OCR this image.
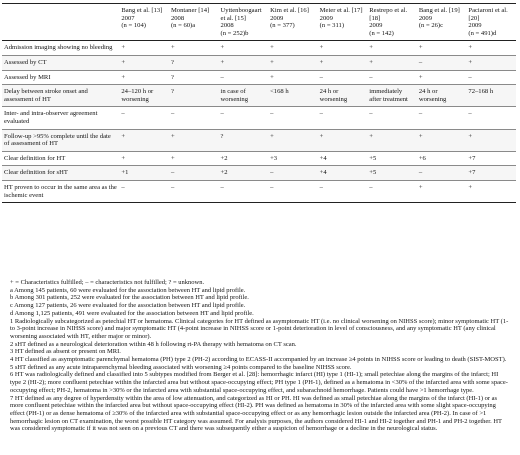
	Bang et al. [13]
2007
(n = 104)	Montaner [14]
2008
(n = 60)a	Uyttenboogaart et al. [15]
2008
(n = 252)b	Kim et al. [16]
2009
(n = 377)	Meier et al. [17]
2009
(n = 311)	Restrepo et al. [18]
2009
(n = 142)	Bang et al. [19]
2009
(n = 26)c	Paciaroni et al. [20]
2009
(n = 491)d

Admission imaging showing no bleeding	+	+	+	+	+	+	+	+
Assessed by CT	+	?	+	+	+	+	–	+
Assessed by MRI	+	?	–	+	–	–	+	–
Delay between stroke onset and assessment of HT	24–120 h or worsening	?	in case of worsening	<168 h	24 h or worsening	immediately after treatment	24 h or worsening	72–168 h
Inter- and intra-observer agreement evaluated	–	–	–	–	–	–	–	–
Follow-up >95% complete until the date of assessment of HT	+	+	?	+	+	+	+	+
Clear definition for HT	+	+	+2	+3	+4	+5	+6	+7
Clear definition for sHT	+1	–	+2	–	+4	+5	–	+7
HT proven to occur in the same area as the ischemic event	–	–	–	–	–	–	+	+

+ = Characteristics fulfilled; – = characteristics not fulfilled; ? = unknown.

a Among 145 patients, 60 were evaluated for the association between HT and lipid profile.

b Among 301 patients, 252 were evaluated for the association between HT and lipid profile.

c Among 127 patients, 26 were evaluated for the association between HT and lipid profile.

d Among 1,125 patients, 491 were evaluated for the association between HT and lipid profile.

1 Radiologically subcategorized as petechial HT or hematoma. Clinical categories for HT defined as asymptomatic HT (i.e. no clinical worsening on NIHSS score); minor symptomatic HT (1- to 3-point increase in NIHSS score) and major symptomatic HT (4-point increase in NIHSS score or 1-point deterioration in level of consciousness, and any symptomatic HT (any clinical worsening associated with HT, either major or minor).

2 sHT defined as a neurological deterioration within 48 h following rt-PA therapy with hematoma on CT scan.

3 HT defined as absent or present on MRI.

4 HT classified as asymptomatic parenchymal hematoma (PH) type 2 (PH-2) according to ECASS-II accompanied by an increase ≥4 points in NIHSS score or leading to death (SIST-MOST).

5 sHT defined as any acute intraparenchymal bleeding associated with worsening ≥4 points compared to the baseline NIHSS score.

6 HT was radiologically defined and classified into 5 subtypes modified from Berger et al. [28]: hemorrhagic infarct (HI) type 1 (HI-1); small petechiae along the margins of the infarct; HI type 2 (HI-2); more confluent petechiae within the infarcted area but without space-occupying effect; PH type 1 (PH-1), defined as a hematoma in <30% of the infarcted area with some space-occupying effect; PH-2, hematoma in >30% or the infarcted area with substantial space-occupying effect, and subarachnoid hemorrhage. Patients could have >1 hemorrhage type.

7 HT defined as any degree of hyperdensity within the area of low attenuation, and categorized as HI or PH. HI was defined as small petechiae along the margins of the infarct (HI-1) or as more confluent petechiae within the infarcted area but without space-occupying effect (HI-2). PH was defined as hematoma in 30% of the infarcted area with some slight space-occupying effect (PH-1) or as dense hematoma of ≥30% of the infarcted area with substantial space-occupying effect or as any hemorrhagic lesion outside the infarcted area (PH-2). In case of >1 hemorrhagic lesion on CT examination, the worst possible HT category was assumed. For analysis purposes, the authors considered HI-1 and HI-2 together and PH-1 and PH-2 together. HT was considered symptomatic if it was not seen on a previous CT and there was subsequently either a suspicion of hemorrhage or a decline in the neurological status.
